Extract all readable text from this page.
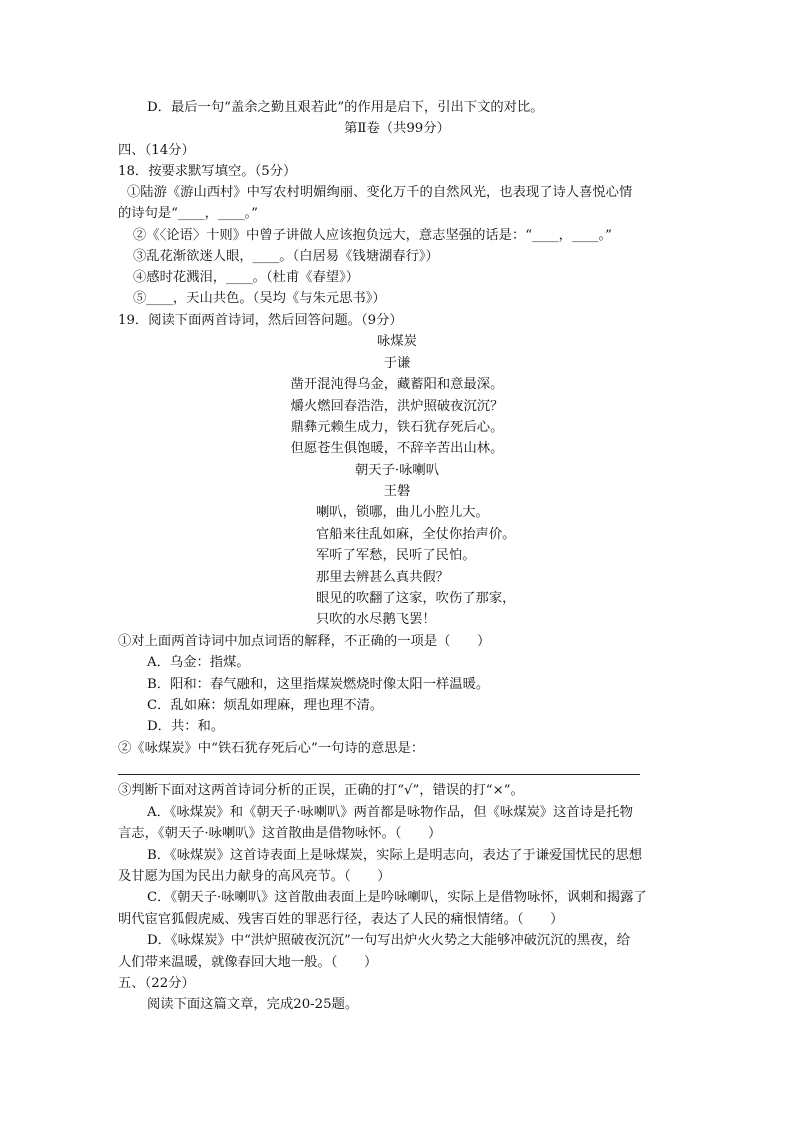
D．最后一句“盖余之勤且艰若此”的作用是启下，引出下文的对比。
第Ⅱ卷（共99分）
四、（14分）
18．按要求默写填空。（5分）
①陆游《游山西村》中写农村明媚绚丽、变化万千的自然风光，也表现了诗人喜悦心情
的诗句是“____，____。”
②《〈论语〉十则》中曾子讲做人应该抱负远大，意志坚强的话是：“____，____。”
③乱花渐欲迷人眼，____。（白居易《钱塘湖春行》）
④感时花溅泪，____。（杜甫《春望》）
⑤____，天山共色。（吴均《与朱元思书》）
19．阅读下面两首诗词，然后回答问题。（9分）
咏煤炭
于谦
凿开混沌得乌金，藏蓄阳和意最深。
爝火燃回春浩浩，洪炉照破夜沉沉？
鼎彝元赖生成力，铁石犹存死后心。
但愿苍生俱饱暖，不辞辛苦出山林。
朝天子·咏喇叭
王磐
喇叭，锁哪，曲儿小腔儿大。
官船来往乱如麻，全仗你抬声价。
军听了军愁，民听了民怕。
那里去辨甚么真共假？
眼见的吹翻了这家，吹伤了那家，
只吹的水尽鹅飞罢！
①对上面两首诗词中加点词语的解释，不正确的一项是（　　）
A．乌金：指煤。
B．阳和：春气融和，这里指煤炭燃烧时像太阳一样温暖。
C．乱如麻：烦乱如理麻，理也理不清。
D．共：和。
②《咏煤炭》中“铁石犹存死后心”一句诗的意思是：
③判断下面对这两首诗词分析的正误，正确的打“√”，错误的打“×”。
A．《咏煤炭》和《朝天子·咏喇叭》两首都是咏物作品，但《咏煤炭》这首诗是托物
言志，《朝天子·咏喇叭》这首散曲是借物咏怀。（　　）
B．《咏煤炭》这首诗表面上是咏煤炭，实际上是明志向，表达了于谦爱国忧民的思想
及甘愿为国为民出力献身的高风亮节。（　　）
C．《朝天子·咏喇叭》这首散曲表面上是吟咏喇叭，实际上是借物咏怀，讽刺和揭露了
明代宦官狐假虎威、残害百姓的罪恶行径，表达了人民的痛恨情绪。（　　）
D．《咏煤炭》中“洪炉照破夜沉沉”一句写出炉火火势之大能够冲破沉沉的黑夜，给
人们带来温暖，就像春回大地一般。（　　）
五、（22分）
阅读下面这篇文章，完成20-25题。
